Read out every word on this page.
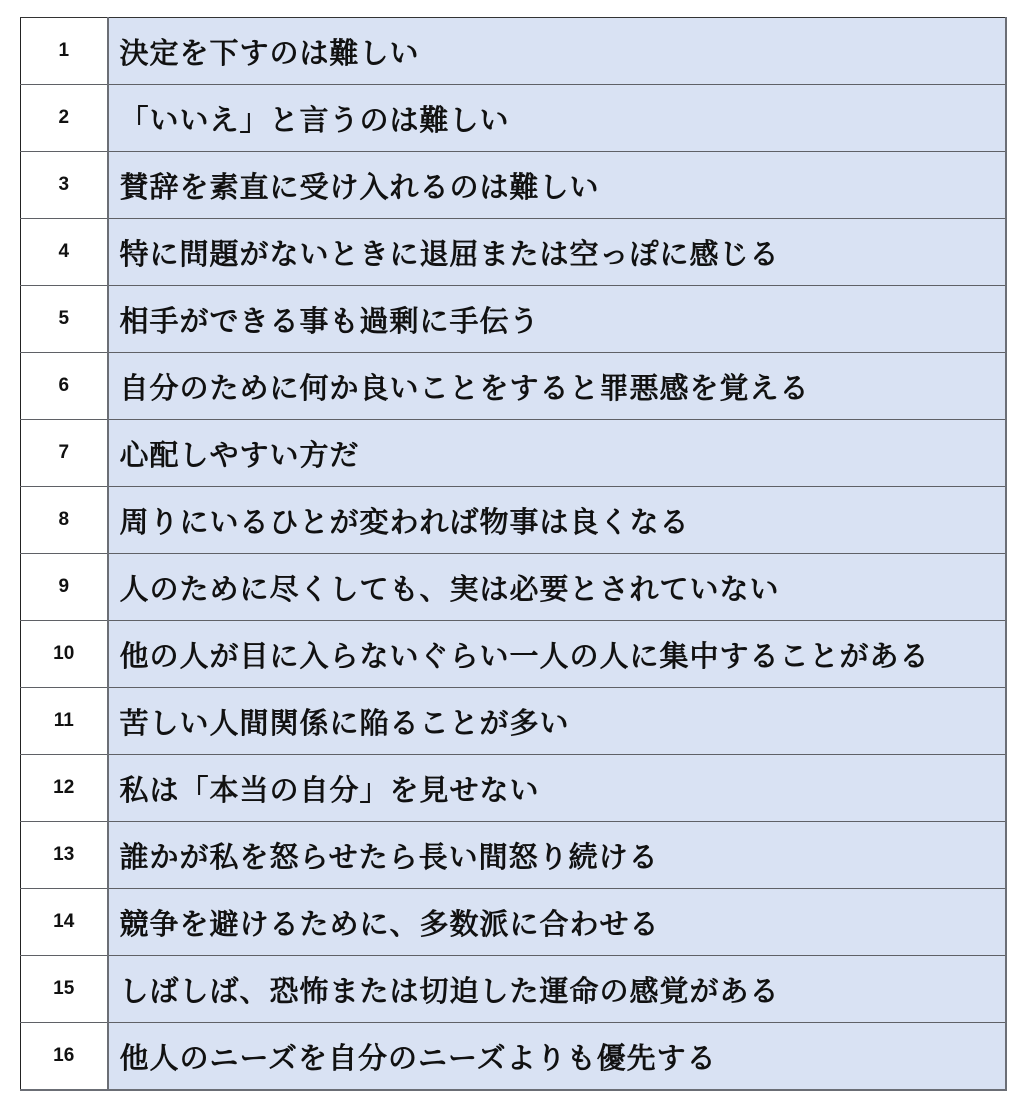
1	決定を下すのは難しい
2	「いいえ」と言うのは難しい
3	賛辞を素直に受け入れるのは難しい
4	特に問題がないときに退屈または空っぽに感じる
5	相手ができる事も過剰に手伝う
6	自分のために何か良いことをすると罪悪感を覚える
7	心配しやすい方だ
8	周りにいるひとが変われば物事は良くなる
9	人のために尽くしても、実は必要とされていない
10	他の人が目に入らないぐらい一人の人に集中することがある
11	苦しい人間関係に陥ることが多い
12	私は「本当の自分」を見せない
13	誰かが私を怒らせたら長い間怒り続ける
14	競争を避けるために、多数派に合わせる
15	しばしば、恐怖または切迫した運命の感覚がある
16	他人のニーズを自分のニーズよりも優先する
